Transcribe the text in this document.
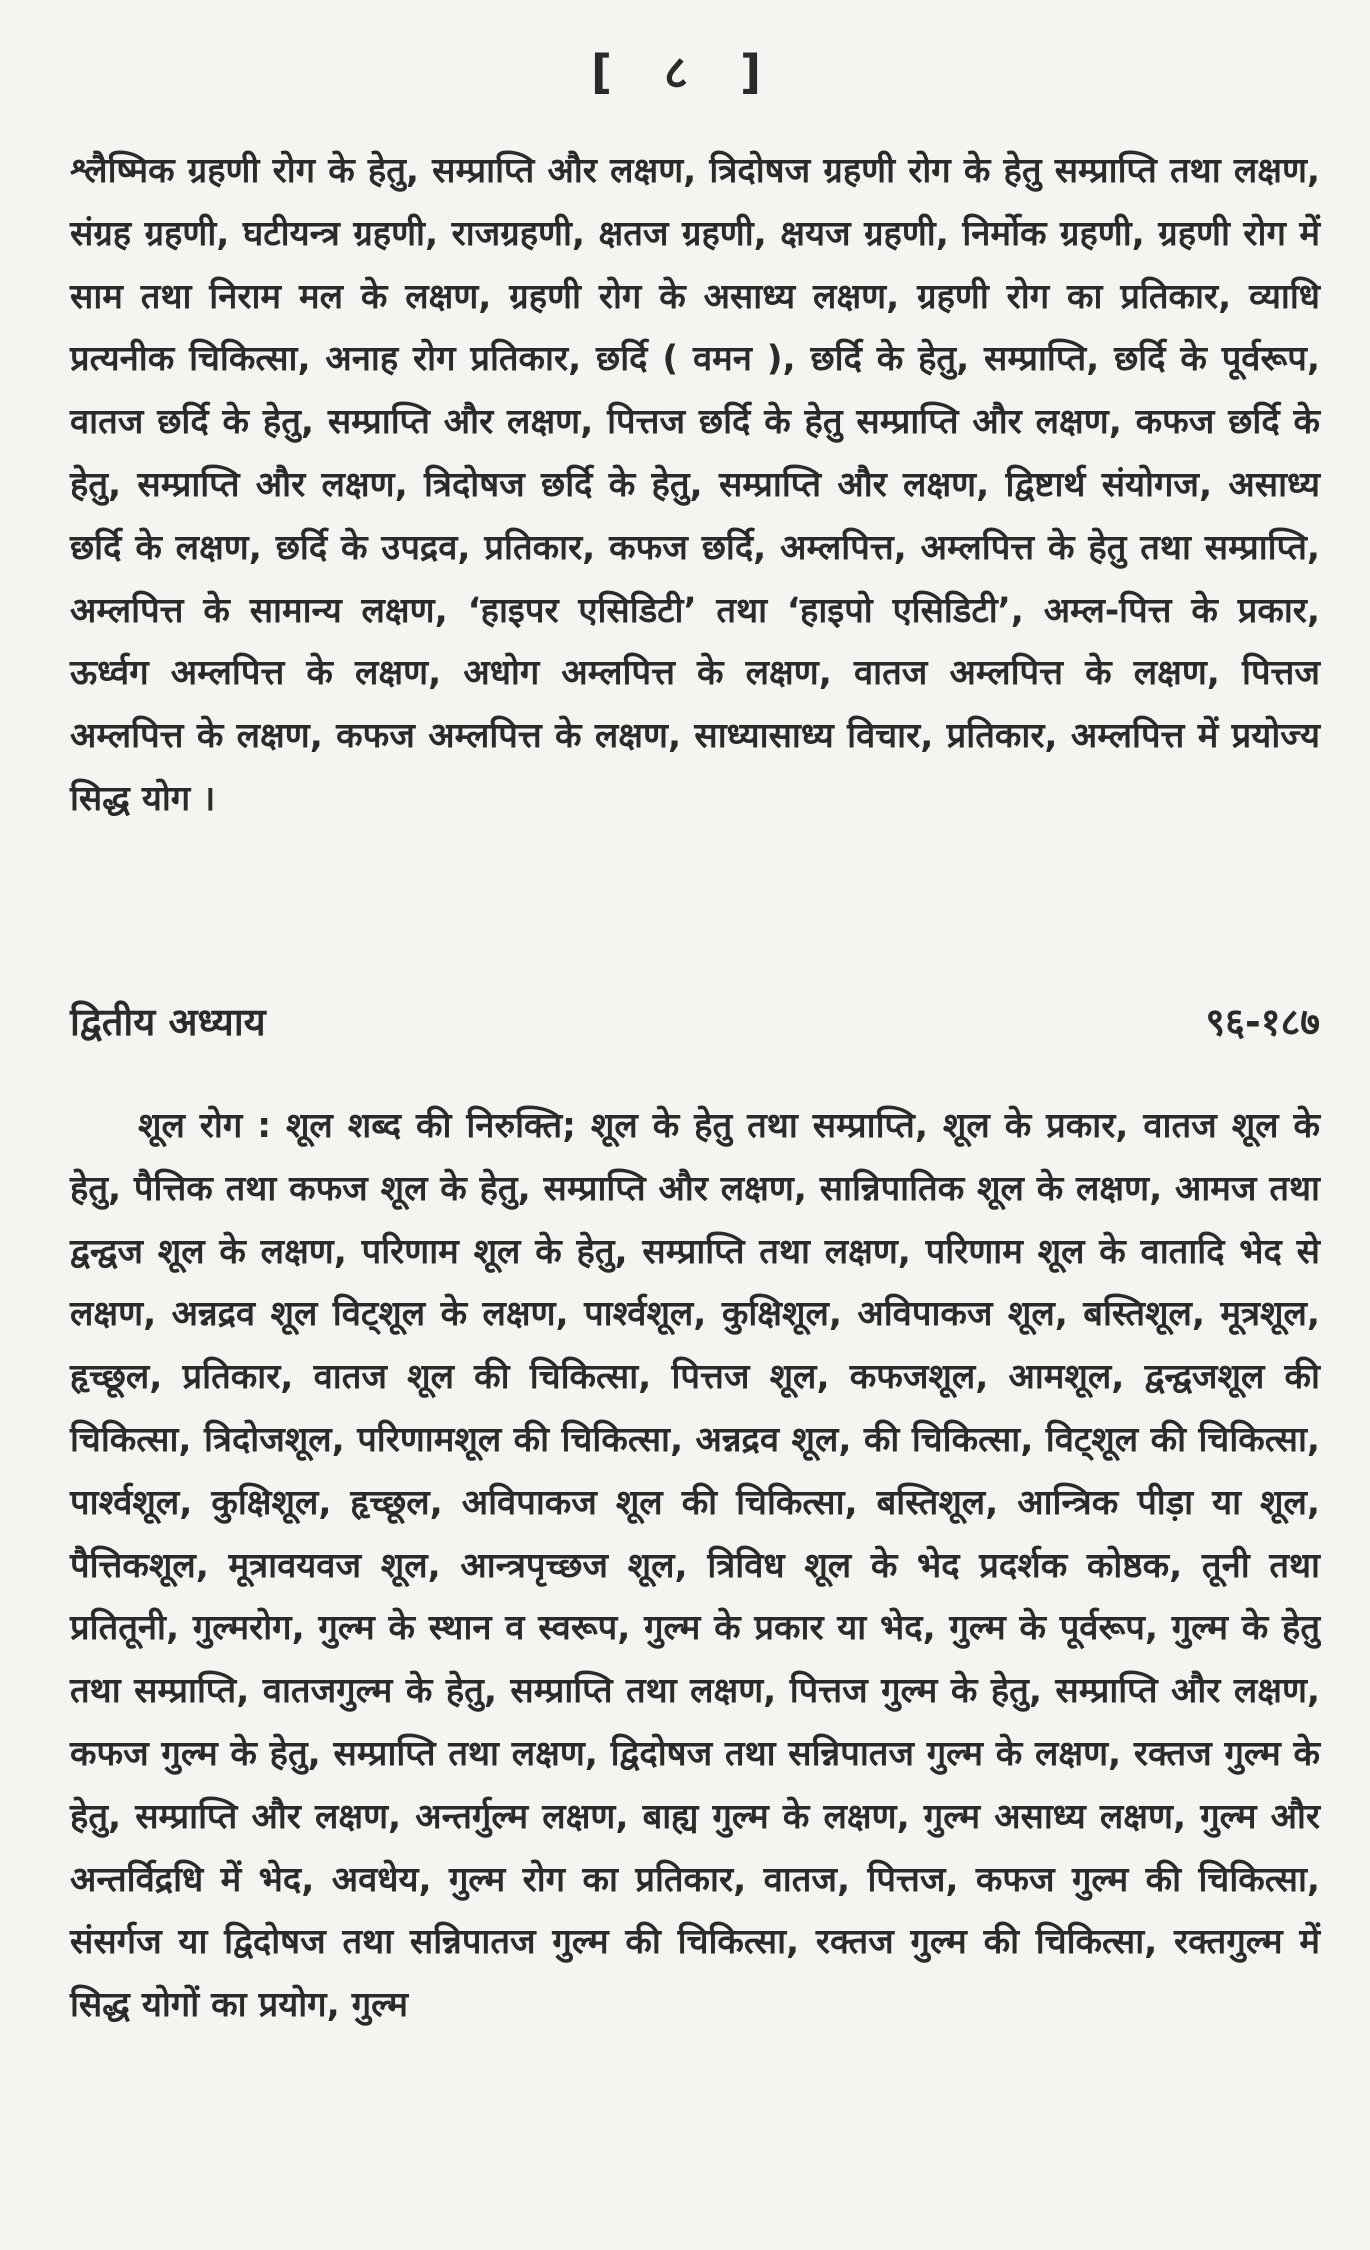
[ ८ ]
श्लैष्मिक ग्रहणी रोग के हेतु, सम्प्राप्ति और लक्षण, त्रिदोषज ग्रहणी रोग के हेतु सम्प्राप्ति तथा लक्षण, संग्रह ग्रहणी, घटीयन्त्र ग्रहणी, राजग्रहणी, क्षतज ग्रहणी, क्षयज ग्रहणी, निर्मोक ग्रहणी, ग्रहणी रोग में साम तथा निराम मल के लक्षण, ग्रहणी रोग के असाध्य लक्षण, ग्रहणी रोग का प्रतिकार, व्याधि प्रत्यनीक चिकित्सा, अनाह रोग प्रतिकार, छर्दि ( वमन ), छर्दि के हेतु, सम्प्राप्ति, छर्दि के पूर्वरूप, वातज छर्दि के हेतु, सम्प्राप्ति और लक्षण, पित्तज छर्दि के हेतु सम्प्राप्ति और लक्षण, कफज छर्दि के हेतु, सम्प्राप्ति और लक्षण, त्रिदोषज छर्दि के हेतु, सम्प्राप्ति और लक्षण, द्विष्टार्थ संयोगज, असाध्य छर्दि के लक्षण, छर्दि के उपद्रव, प्रतिकार, कफज छर्दि, अम्लपित्त, अम्लपित्त के हेतु तथा सम्प्राप्ति, अम्लपित्त के सामान्य लक्षण, ‘हाइपर एसिडिटी’ तथा ‘हाइपो एसिडिटी’, अम्ल-पित्त के प्रकार, ऊर्ध्वग अम्लपित्त के लक्षण, अधोग अम्लपित्त के लक्षण, वातज अम्लपित्त के लक्षण, पित्तज अम्लपित्त के लक्षण, कफज अम्लपित्त के लक्षण, साध्यासाध्य विचार, प्रतिकार, अम्लपित्त में प्रयोज्य सिद्ध योग ।
द्वितीय अध्याय	९६-१८७
शूल रोग : शूल शब्द की निरुक्ति; शूल के हेतु तथा सम्प्राप्ति, शूल के प्रकार, वातज शूल के हेतु, पैत्तिक तथा कफज शूल के हेतु, सम्प्राप्ति और लक्षण, सान्निपातिक शूल के लक्षण, आमज तथा द्वन्द्वज शूल के लक्षण, परिणाम शूल के हेतु, सम्प्राप्ति तथा लक्षण, परिणाम शूल के वातादि भेद से लक्षण, अन्नद्रव शूल विट्शूल के लक्षण, पार्श्वशूल, कुक्षिशूल, अविपाकज शूल, बस्तिशूल, मूत्रशूल, हृच्छूल, प्रतिकार, वातज शूल की चिकित्सा, पित्तज शूल, कफजशूल, आमशूल, द्वन्द्वजशूल की चिकित्सा, त्रिदोजशूल, परिणामशूल की चिकित्सा, अन्नद्रव शूल, की चिकित्सा, विट्शूल की चिकित्सा, पार्श्वशूल, कुक्षिशूल, हृच्छूल, अविपाकज शूल की चिकित्सा, बस्तिशूल, आन्त्रिक पीड़ा या शूल, पैत्तिकशूल, मूत्रावयवज शूल, आन्त्रपृच्छज शूल, त्रिविध शूल के भेद प्रदर्शक कोष्ठक, तूनी तथा प्रतितूनी, गुल्मरोग, गुल्म के स्थान व स्वरूप, गुल्म के प्रकार या भेद, गुल्म के पूर्वरूप, गुल्म के हेतु तथा सम्प्राप्ति, वातजगुल्म के हेतु, सम्प्राप्ति तथा लक्षण, पित्तज गुल्म के हेतु, सम्प्राप्ति और लक्षण, कफज गुल्म के हेतु, सम्प्राप्ति तथा लक्षण, द्विदोषज तथा सन्निपातज गुल्म के लक्षण, रक्तज गुल्म के हेतु, सम्प्राप्ति और लक्षण, अन्तर्गुल्म लक्षण, बाह्य गुल्म के लक्षण, गुल्म असाध्य लक्षण, गुल्म और अन्तर्विद्रधि में भेद, अवधेय, गुल्म रोग का प्रतिकार, वातज, पित्तज, कफज गुल्म की चिकित्सा, संसर्गज या द्विदोषज तथा सन्निपातज गुल्म की चिकित्सा, रक्तज गुल्म की चिकित्सा, रक्तगुल्म में सिद्ध योगों का प्रयोग, गुल्म
